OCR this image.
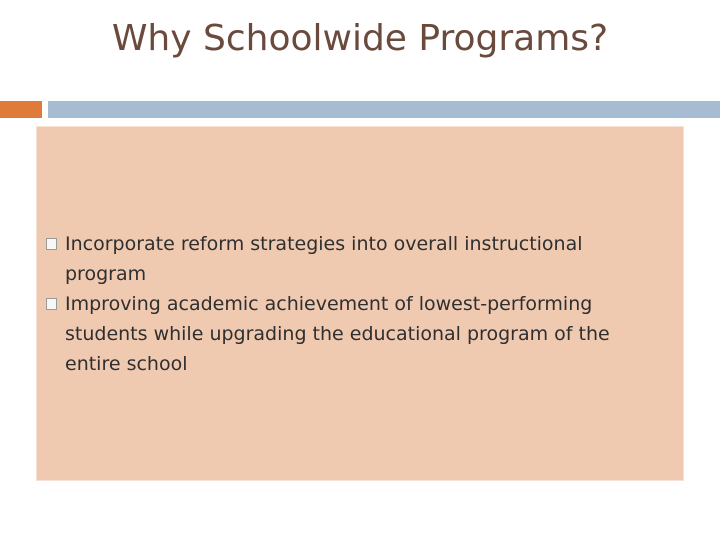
Why Schoolwide Programs?
Incorporate reform strategies into overall instructional program
Improving academic achievement of lowest-performing students while upgrading the educational program of the entire school
